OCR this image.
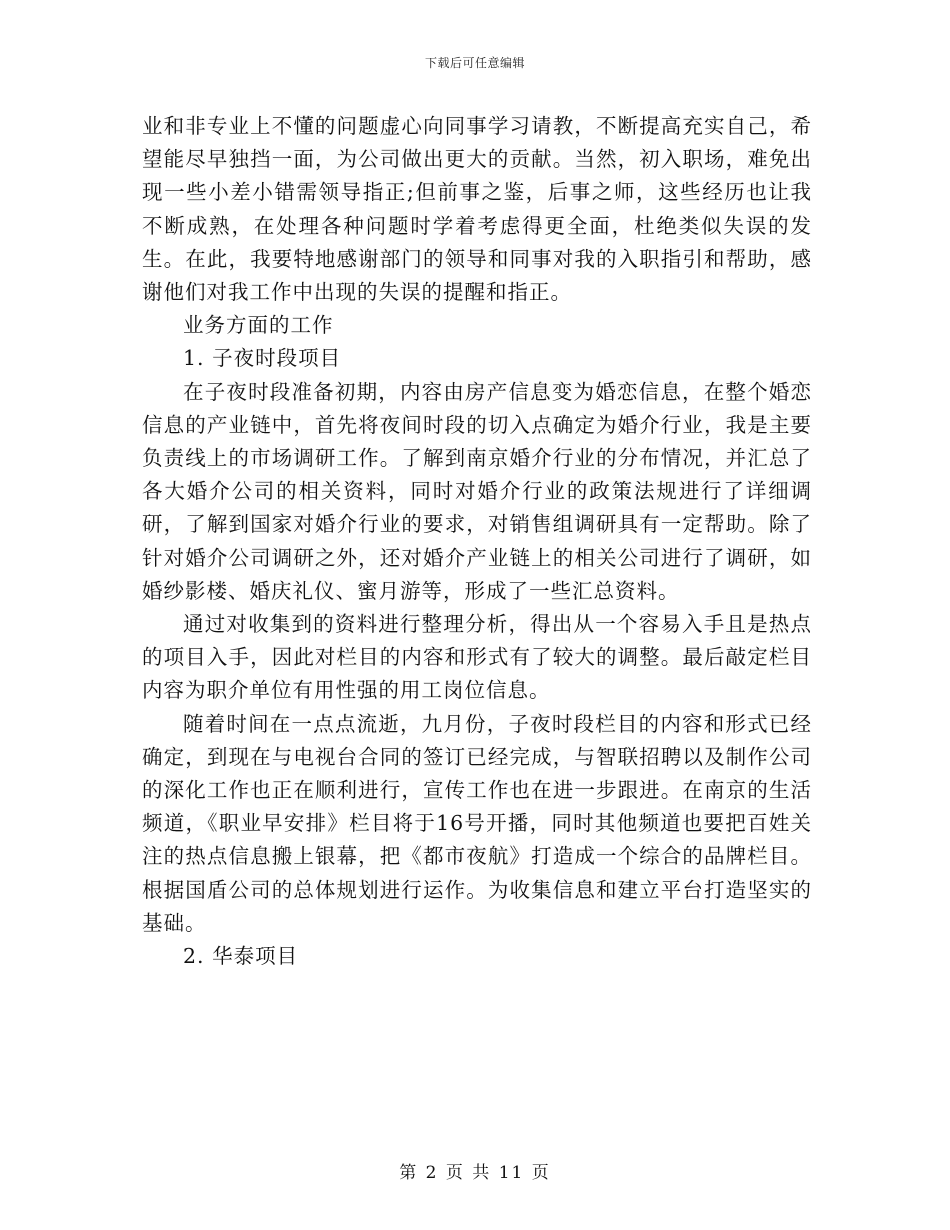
下载后可任意编辑

业和非专业上不懂的问题虚心向同事学习请教，不断提高充实自己，希望能尽早独挡一面，为公司做出更大的贡献。当然，初入职场，难免出现一些小差小错需领导指正;但前事之鉴，后事之师，这些经历也让我不断成熟，在处理各种问题时学着考虑得更全面，杜绝类似失误的发生。在此，我要特地感谢部门的领导和同事对我的入职指引和帮助，感谢他们对我工作中出现的失误的提醒和指正。

业务方面的工作

1. 子夜时段项目

在子夜时段准备初期，内容由房产信息变为婚恋信息，在整个婚恋信息的产业链中，首先将夜间时段的切入点确定为婚介行业，我是主要负责线上的市场调研工作。了解到南京婚介行业的分布情况，并汇总了各大婚介公司的相关资料，同时对婚介行业的政策法规进行了详细调研，了解到国家对婚介行业的要求，对销售组调研具有一定帮助。除了针对婚介公司调研之外，还对婚介产业链上的相关公司进行了调研，如婚纱影楼、婚庆礼仪、蜜月游等，形成了一些汇总资料。

通过对收集到的资料进行整理分析，得出从一个容易入手且是热点的项目入手，因此对栏目的内容和形式有了较大的调整。最后敲定栏目内容为职介单位有用性强的用工岗位信息。

随着时间在一点点流逝，九月份，子夜时段栏目的内容和形式已经确定，到现在与电视台合同的签订已经完成，与智联招聘以及制作公司的深化工作也正在顺利进行，宣传工作也在进一步跟进。在南京的生活频道，《职业早安排》栏目将于16号开播，同时其他频道也要把百姓关注的热点信息搬上银幕，把《都市夜航》打造成一个综合的品牌栏目。根据国盾公司的总体规划进行运作。为收集信息和建立平台打造坚实的基础。

2. 华泰项目

第 2 页 共 11 页
